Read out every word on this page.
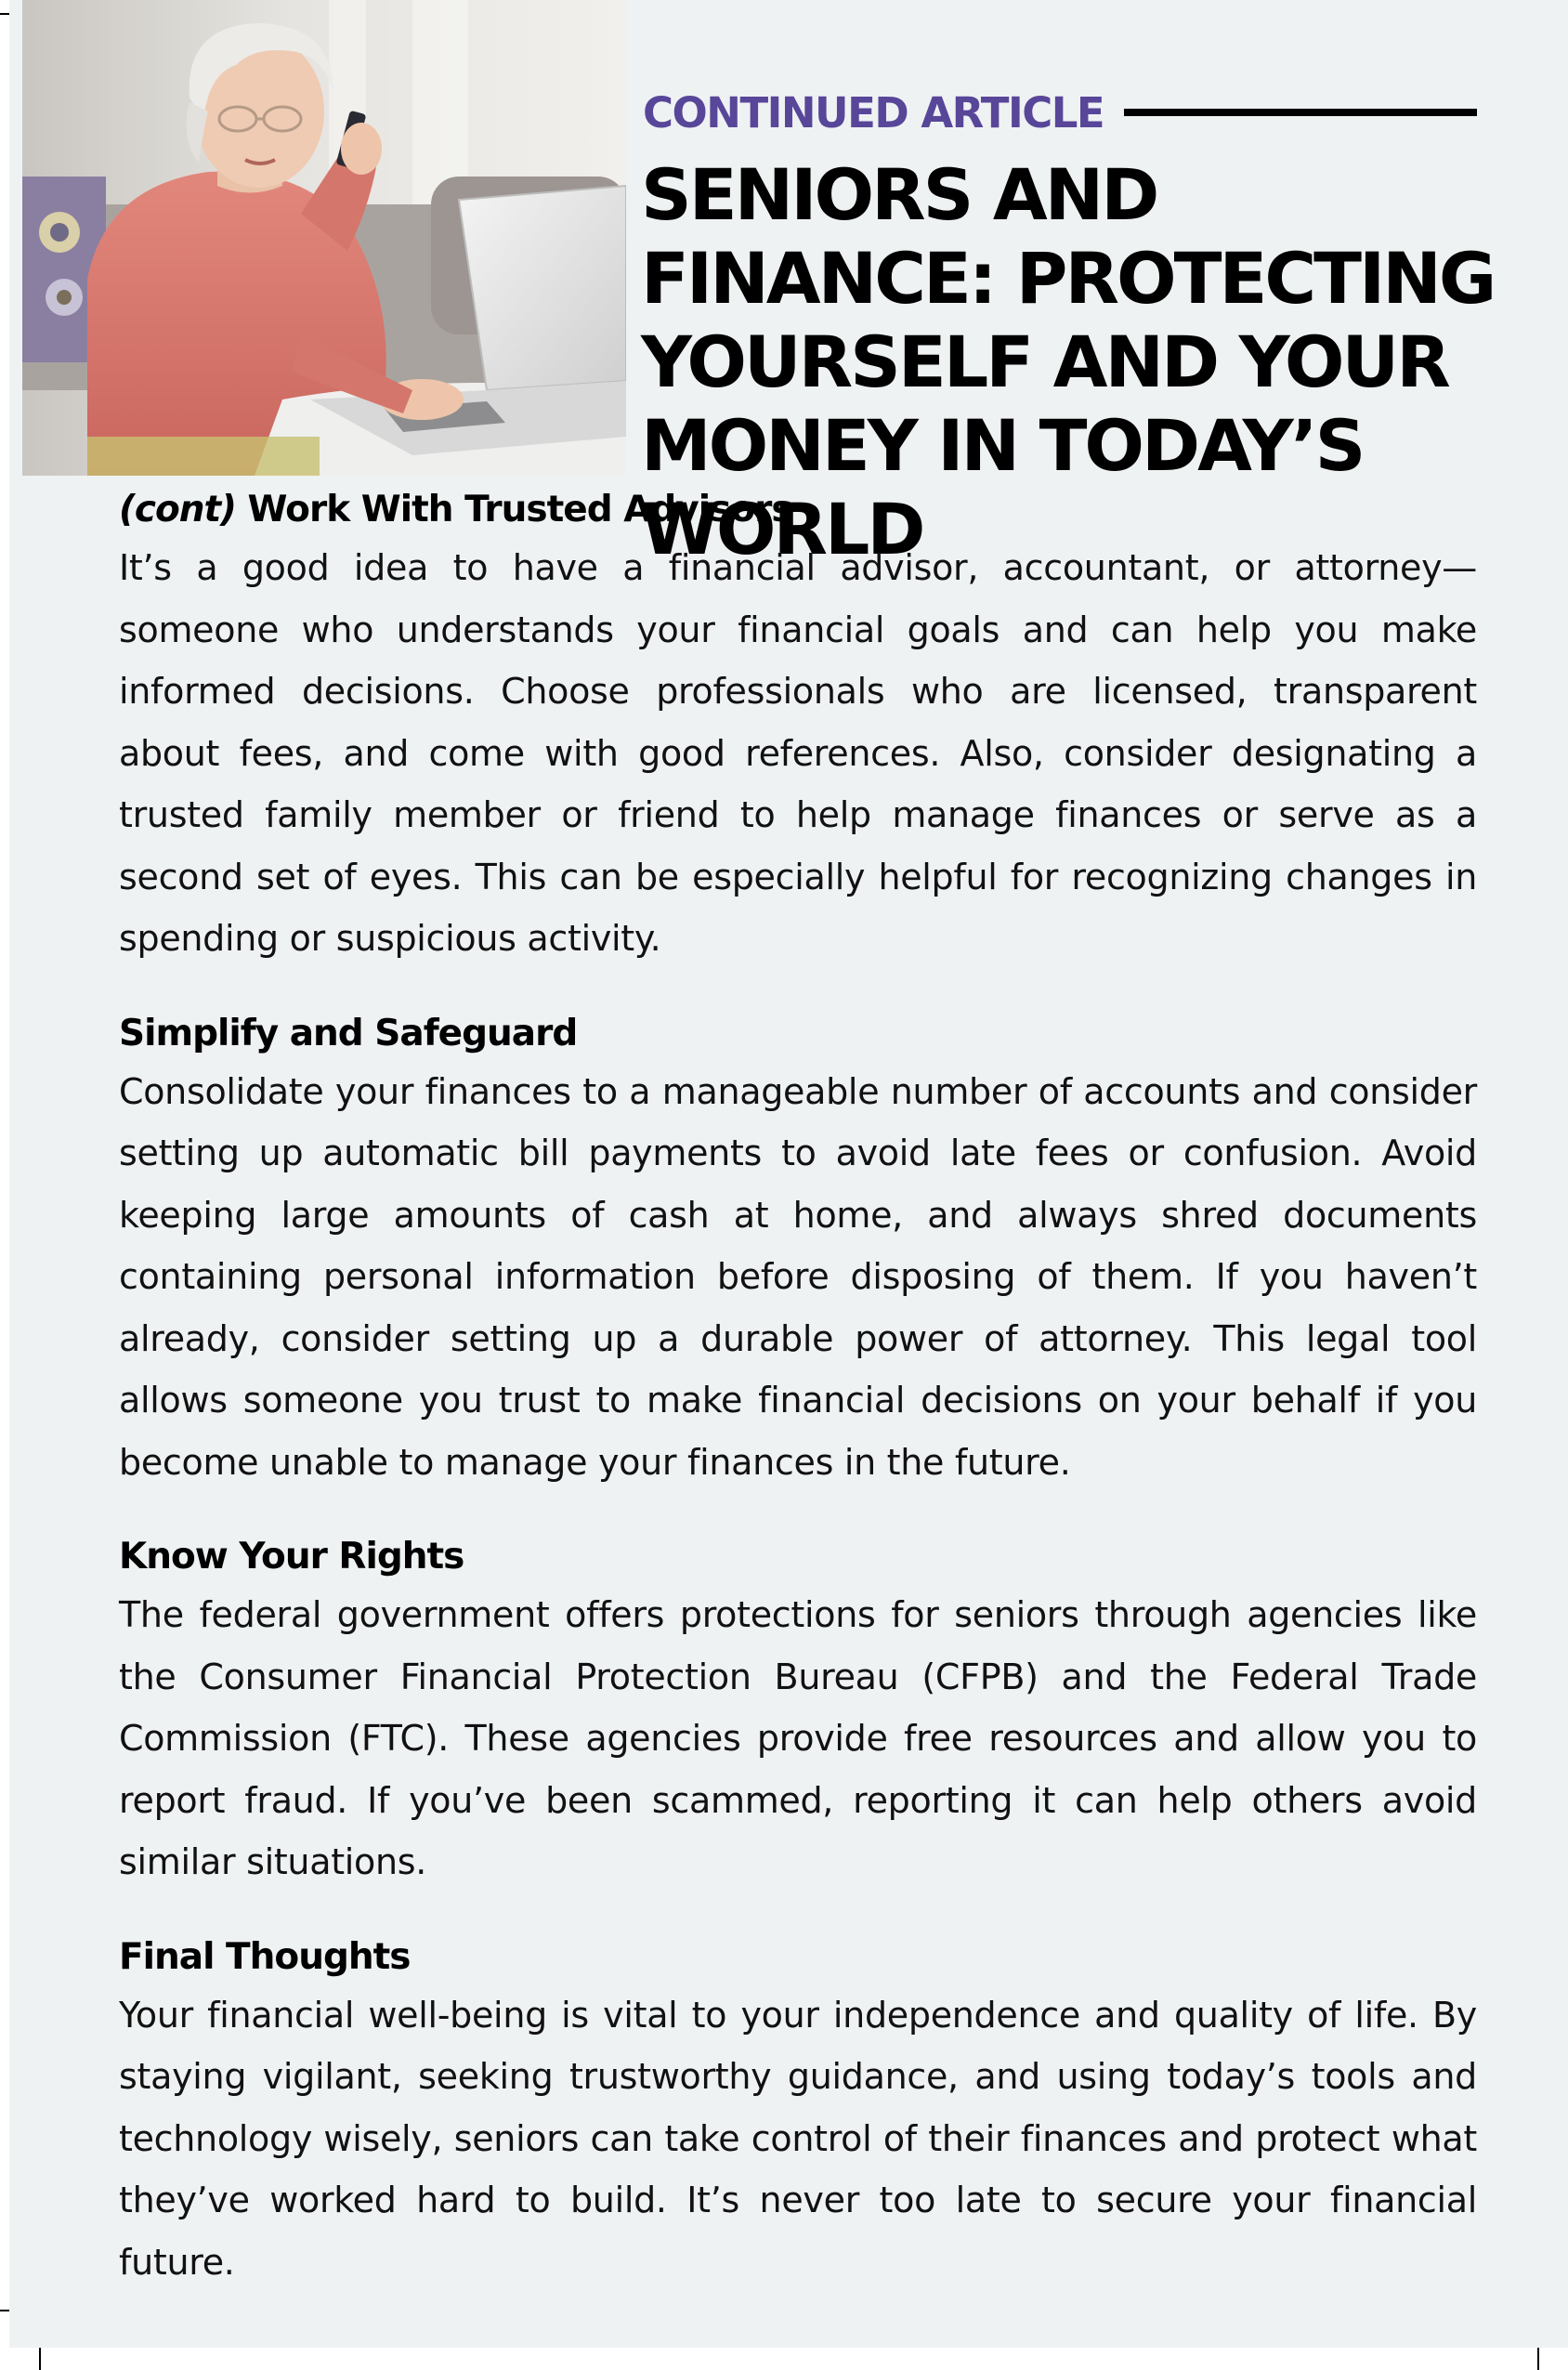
CONTINUED ARTICLE
SENIORS AND FINANCE: PROTECTING YOURSELF AND YOUR MONEY IN TODAY’S WORLD
(cont) Work With Trusted Advisors

It’s a good idea to have a financial advisor, accountant, or attorney—someone who understands your financial goals and can help you make informed decisions. Choose professionals who are licensed, transparent about fees, and come with good references. Also, consider designating a trusted family member or friend to help manage finances or serve as a second set of eyes. This can be especially helpful for recognizing changes in spending or suspicious activity.

Simplify and Safeguard

Consolidate your finances to a manageable number of accounts and consider setting up automatic bill payments to avoid late fees or confusion. Avoid keeping large amounts of cash at home, and always shred documents containing personal information before disposing of them. If you haven’t already, consider setting up a durable power of attorney. This legal tool allows someone you trust to make financial decisions on your behalf if you become unable to manage your finances in the future.

Know Your Rights

The federal government offers protections for seniors through agencies like the Consumer Financial Protection Bureau (CFPB) and the Federal Trade Commission (FTC). These agencies provide free resources and allow you to report fraud. If you’ve been scammed, reporting it can help others avoid similar situations.

Final Thoughts

Your financial well-being is vital to your independence and quality of life. By staying vigilant, seeking trustworthy guidance, and using today’s tools and technology wisely, seniors can take control of their finances and protect what they’ve worked hard to build. It’s never too late to secure your financial future.
